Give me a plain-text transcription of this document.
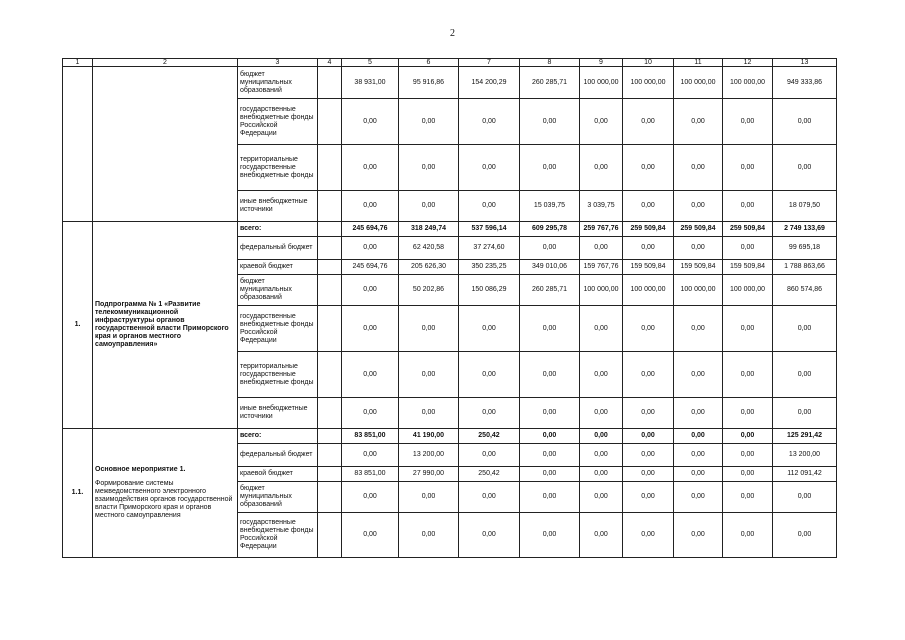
2
1	2	3	4	5	6	7	8	9	10	11	12	13
		бюджет муниципальных образований		38 931,00	95 916,86	154 200,29	260 285,71	100 000,00	100 000,00	100 000,00	100 000,00	949 333,86
		государственные внебюджетные фонды Российской Федерации		0,00	0,00	0,00	0,00	0,00	0,00	0,00	0,00	0,00
		территориальные государственные внебюджетные фонды		0,00	0,00	0,00	0,00	0,00	0,00	0,00	0,00	0,00
		иные внебюджетные источники		0,00	0,00	0,00	15 039,75	3 039,75	0,00	0,00	0,00	18 079,50
1.	Подпрограмма № 1 «Развитие телекоммуникационной инфраструктуры органов государственной власти Приморского края и органов местного самоуправления»	всего:		245 694,76	318 249,74	537 596,14	609 295,78	259 767,76	259 509,84	259 509,84	259 509,84	2 749 133,69
		федеральный бюджет		0,00	62 420,58	37 274,60	0,00	0,00	0,00	0,00	0,00	99 695,18
		краевой бюджет		245 694,76	205 626,30	350 235,25	349 010,06	159 767,76	159 509,84	159 509,84	159 509,84	1 788 863,66
		бюджет муниципальных образований		0,00	50 202,86	150 086,29	260 285,71	100 000,00	100 000,00	100 000,00	100 000,00	860 574,86
		государственные внебюджетные фонды Российской Федерации		0,00	0,00	0,00	0,00	0,00	0,00	0,00	0,00	0,00
		территориальные государственные внебюджетные фонды		0,00	0,00	0,00	0,00	0,00	0,00	0,00	0,00	0,00
		иные внебюджетные источники		0,00	0,00	0,00	0,00	0,00	0,00	0,00	0,00	0,00
1.1.	Основное мероприятие 1.
Формирование системы межведомственного электронного взаимодействия органов государственной власти Приморского края и органов местного самоуправления	всего:		83 851,00	41 190,00	250,42	0,00	0,00	0,00	0,00	0,00	125 291,42
		федеральный бюджет		0,00	13 200,00	0,00	0,00	0,00	0,00	0,00	0,00	13 200,00
		краевой бюджет		83 851,00	27 990,00	250,42	0,00	0,00	0,00	0,00	0,00	112 091,42
		бюджет муниципальных образований		0,00	0,00	0,00	0,00	0,00	0,00	0,00	0,00	0,00
		государственные внебюджетные фонды Российской Федерации		0,00	0,00	0,00	0,00	0,00	0,00	0,00	0,00	0,00
